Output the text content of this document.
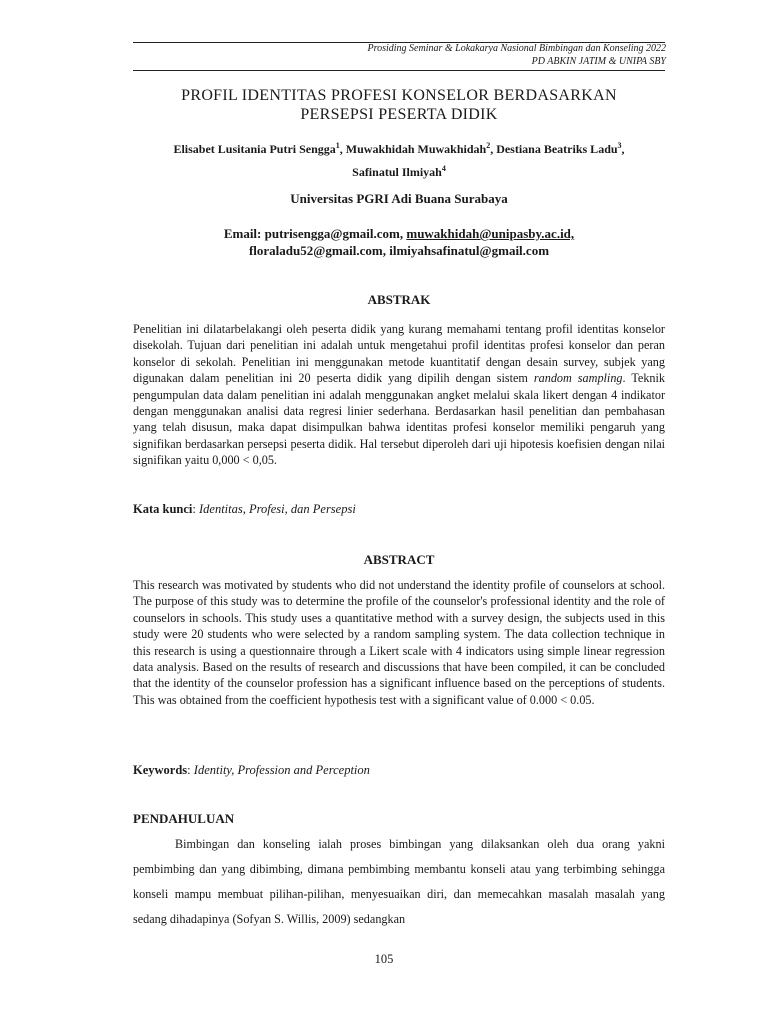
Prosiding Seminar & Lokakarya Nasional Bimbingan dan Konseling 2022
PD ABKIN JATIM & UNIPA SBY
PROFIL IDENTITAS PROFESI KONSELOR BERDASARKAN
PERSEPSI PESERTA DIDIK
Elisabet Lusitania Putri Sengga$^1$, Muwakhidah Muwakhidah$^2$, Destiana Beatriks Ladu$^3$,
Safinatul Ilmiyah$^4$
Universitas PGRI Adi Buana Surabaya
Email: putrisengga@gmail.com, muwakhidah@unipasby.ac.id,
floraladu52@gmail.com, ilmiyahsafinatul@gmail.com
ABSTRAK

Penelitian ini dilatarbelakangi oleh peserta didik yang kurang memahami tentang profil identitas konselor disekolah. Tujuan dari penelitian ini adalah untuk mengetahui profil identitas profesi konselor dan peran konselor di sekolah. Penelitian ini menggunakan metode kuantitatif dengan desain survey, subjek yang digunakan dalam penelitian ini 20 peserta didik yang dipilih dengan sistem random sampling. Teknik pengumpulan data dalam penelitian ini adalah menggunakan angket melalui skala likert dengan 4 indikator dengan menggunakan analisi data regresi linier sederhana. Berdasarkan hasil penelitian dan pembahasan yang telah disusun, maka dapat disimpulkan bahwa identitas profesi konselor memiliki pengaruh yang signifikan berdasarkan persepsi peserta didik. Hal tersebut diperoleh dari uji hipotesis koefisien dengan nilai signifikan yaitu 0,000 < 0,05.

Kata kunci: Identitas, Profesi, dan Persepsi
ABSTRACT

This research was motivated by students who did not understand the identity profile of counselors at school. The purpose of this study was to determine the profile of the counselor's professional identity and the role of counselors in schools. This study uses a quantitative method with a survey design, the subjects used in this study were 20 students who were selected by a random sampling system. The data collection technique in this research is using a questionnaire through a Likert scale with 4 indicators using simple linear regression data analysis. Based on the results of research and discussions that have been compiled, it can be concluded that the identity of the counselor profession has a significant influence based on the perceptions of students. This was obtained from the coefficient hypothesis test with a significant value of 0.000 < 0.05.

Keywords: Identity, Profession and Perception
PENDAHULUAN

Bimbingan dan konseling ialah proses bimbingan yang dilaksankan oleh dua orang yakni pembimbing dan yang dibimbing, dimana pembimbing membantu konseli atau yang terbimbing sehingga konseli mampu membuat pilihan-pilihan, menyesuaikan diri, dan memecahkan masalah masalah yang sedang dihadapinya (Sofyan S. Willis, 2009) sedangkan

105
